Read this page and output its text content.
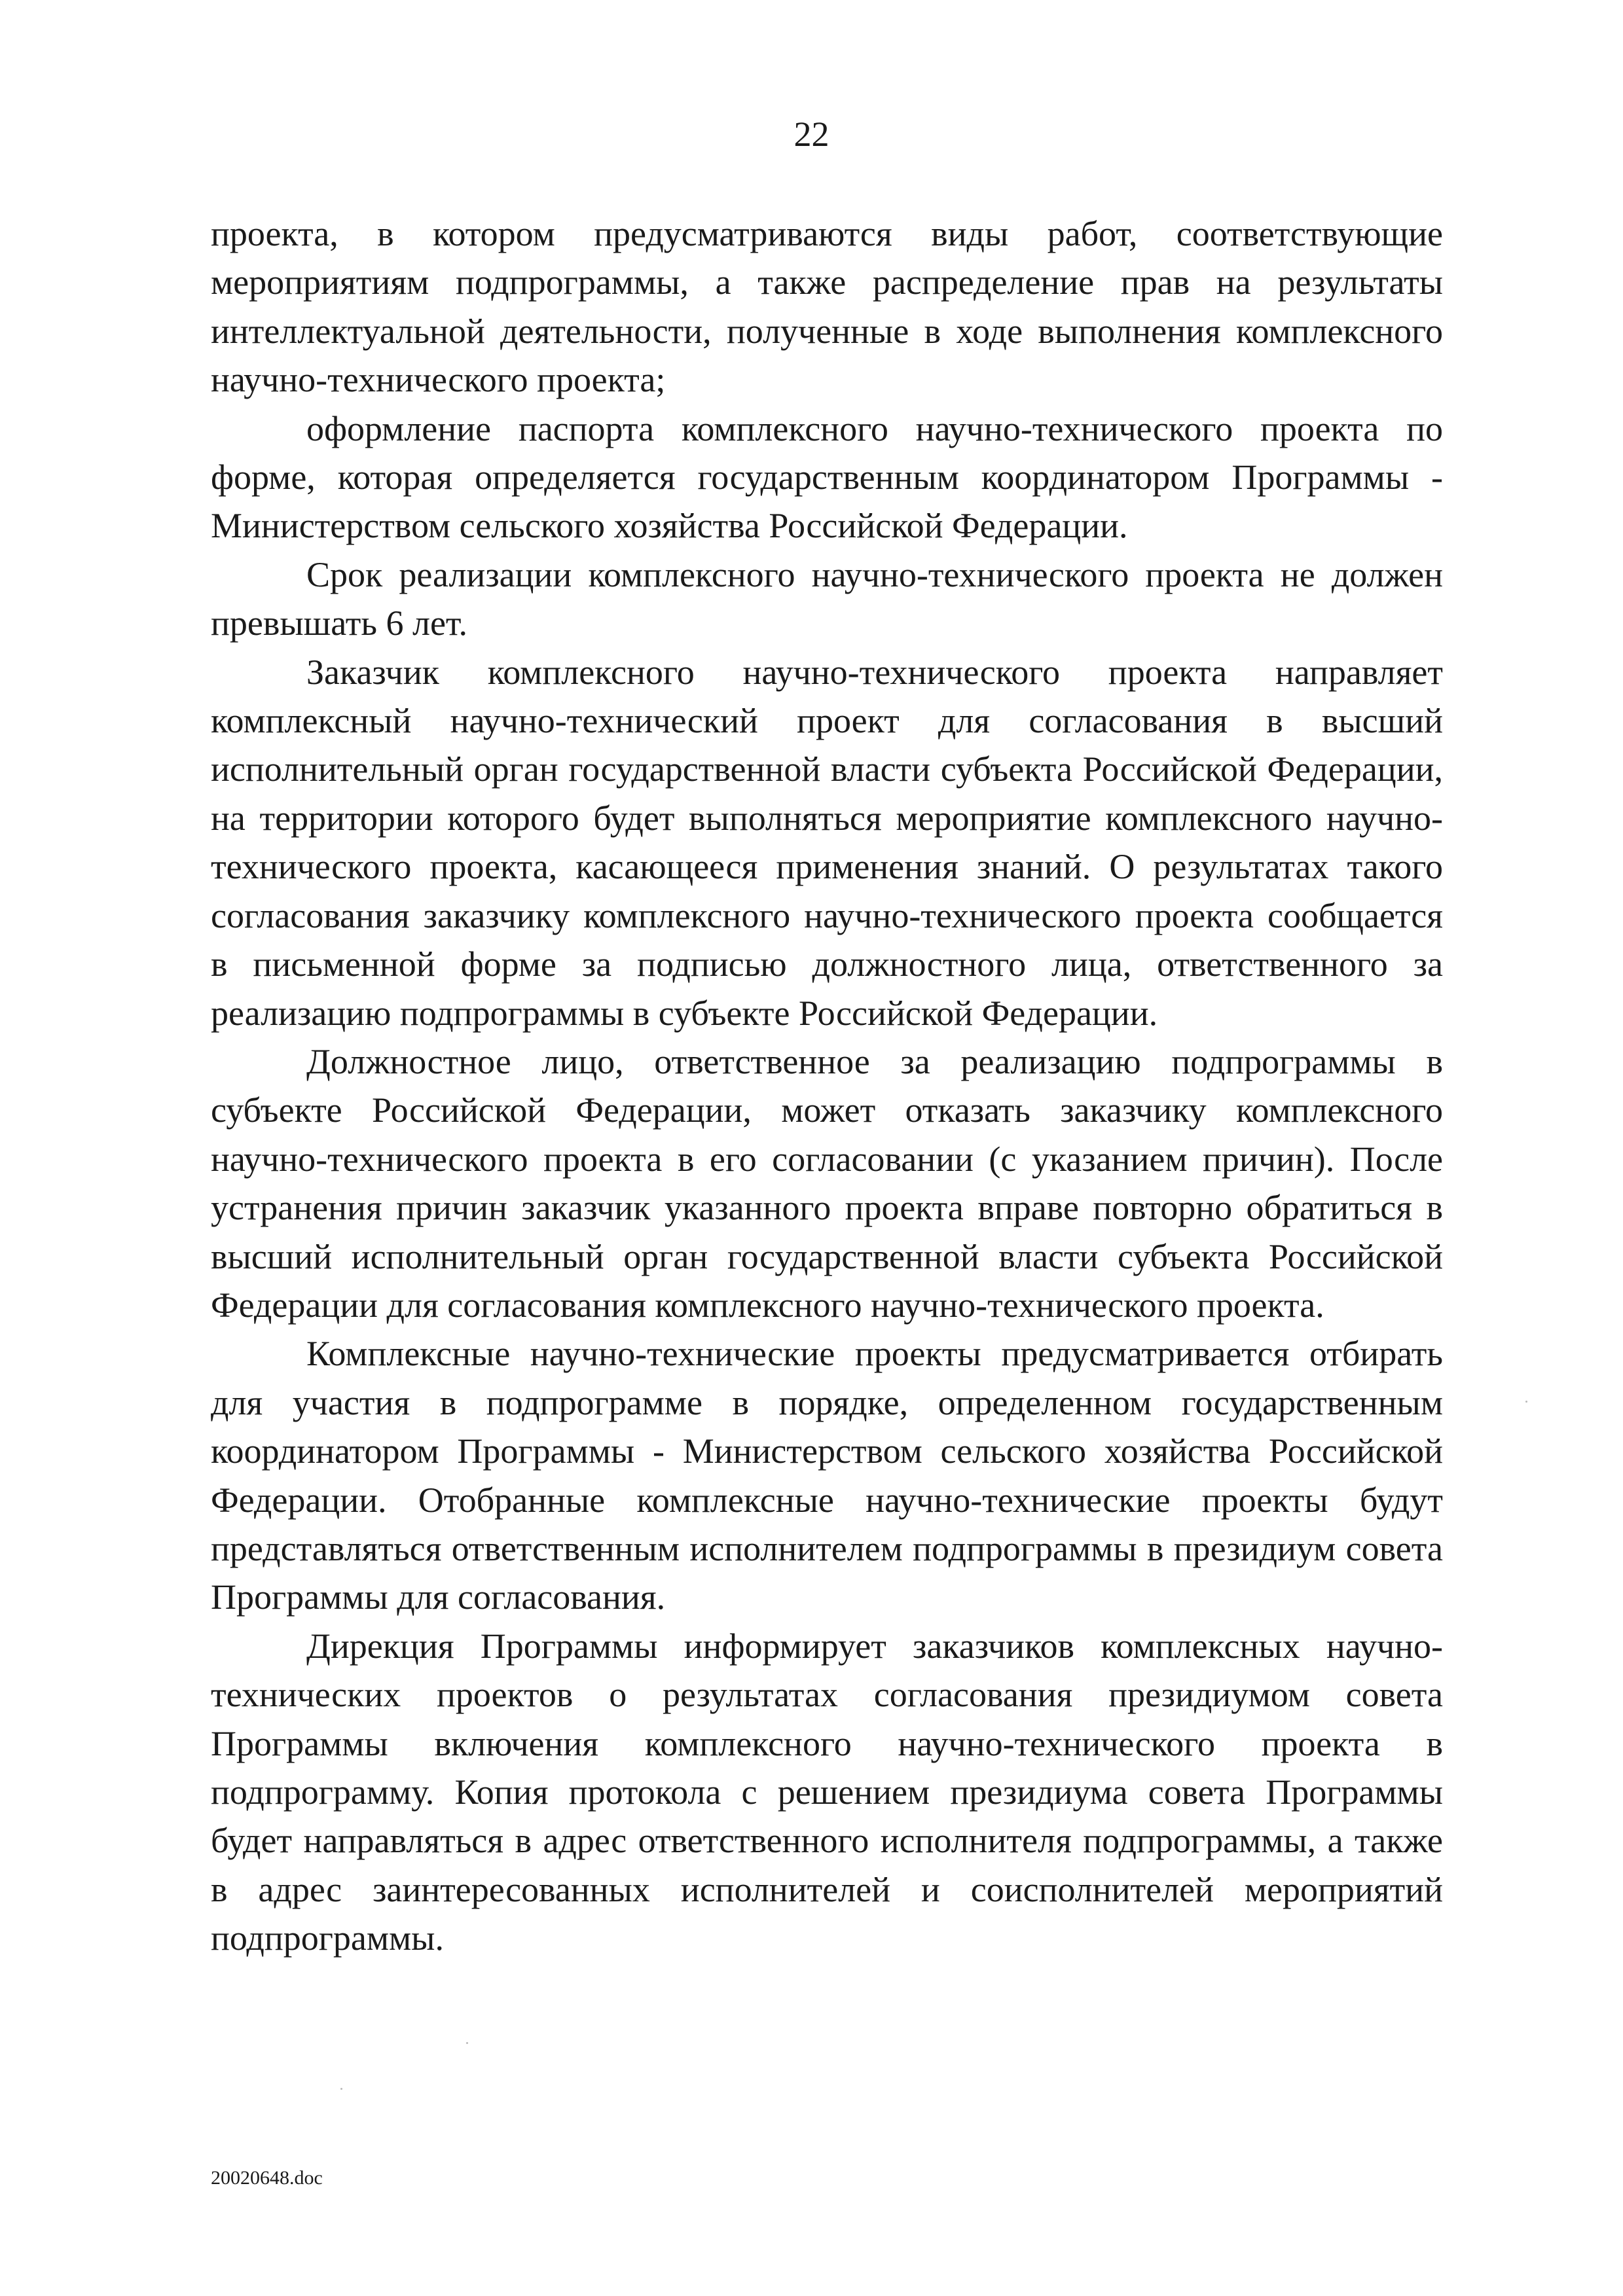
22

проекта, в котором предусматриваются виды работ, соответствующие мероприятиям подпрограммы, а также распределение прав на результаты интеллектуальной деятельности, полученные в ходе выполнения комплексного научно-технического проекта;

оформление паспорта комплексного научно-технического проекта по форме, которая определяется государственным координатором Программы - Министерством сельского хозяйства Российской Федерации.

Срок реализации комплексного научно-технического проекта не должен превышать 6 лет.

Заказчик комплексного научно-технического проекта направляет комплексный научно-технический проект для согласования в высший исполнительный орган государственной власти субъекта Российской Федерации, на территории которого будет выполняться мероприятие комплексного научно-технического проекта, касающееся применения знаний. О результатах такого согласования заказчику комплексного научно-технического проекта сообщается в письменной форме за подписью должностного лица, ответственного за реализацию подпрограммы в субъекте Российской Федерации.

Должностное лицо, ответственное за реализацию подпрограммы в субъекте Российской Федерации, может отказать заказчику комплексного научно-технического проекта в его согласовании (с указанием причин). После устранения причин заказчик указанного проекта вправе повторно обратиться в высший исполнительный орган государственной власти субъекта Российской Федерации для согласования комплексного научно-технического проекта.

Комплексные научно-технические проекты предусматривается отбирать для участия в подпрограмме в порядке, определенном государственным координатором Программы - Министерством сельского хозяйства Российской Федерации. Отобранные комплексные научно-технические проекты будут представляться ответственным исполнителем подпрограммы в президиум совета Программы для согласования.

Дирекция Программы информирует заказчиков комплексных научно-технических проектов о результатах согласования президиумом совета Программы включения комплексного научно-технического проекта в подпрограмму. Копия протокола с решением президиума совета Программы будет направляться в адрес ответственного исполнителя подпрограммы, а также в адрес заинтересованных исполнителей и соисполнителей мероприятий подпрограммы.

20020648.doc
